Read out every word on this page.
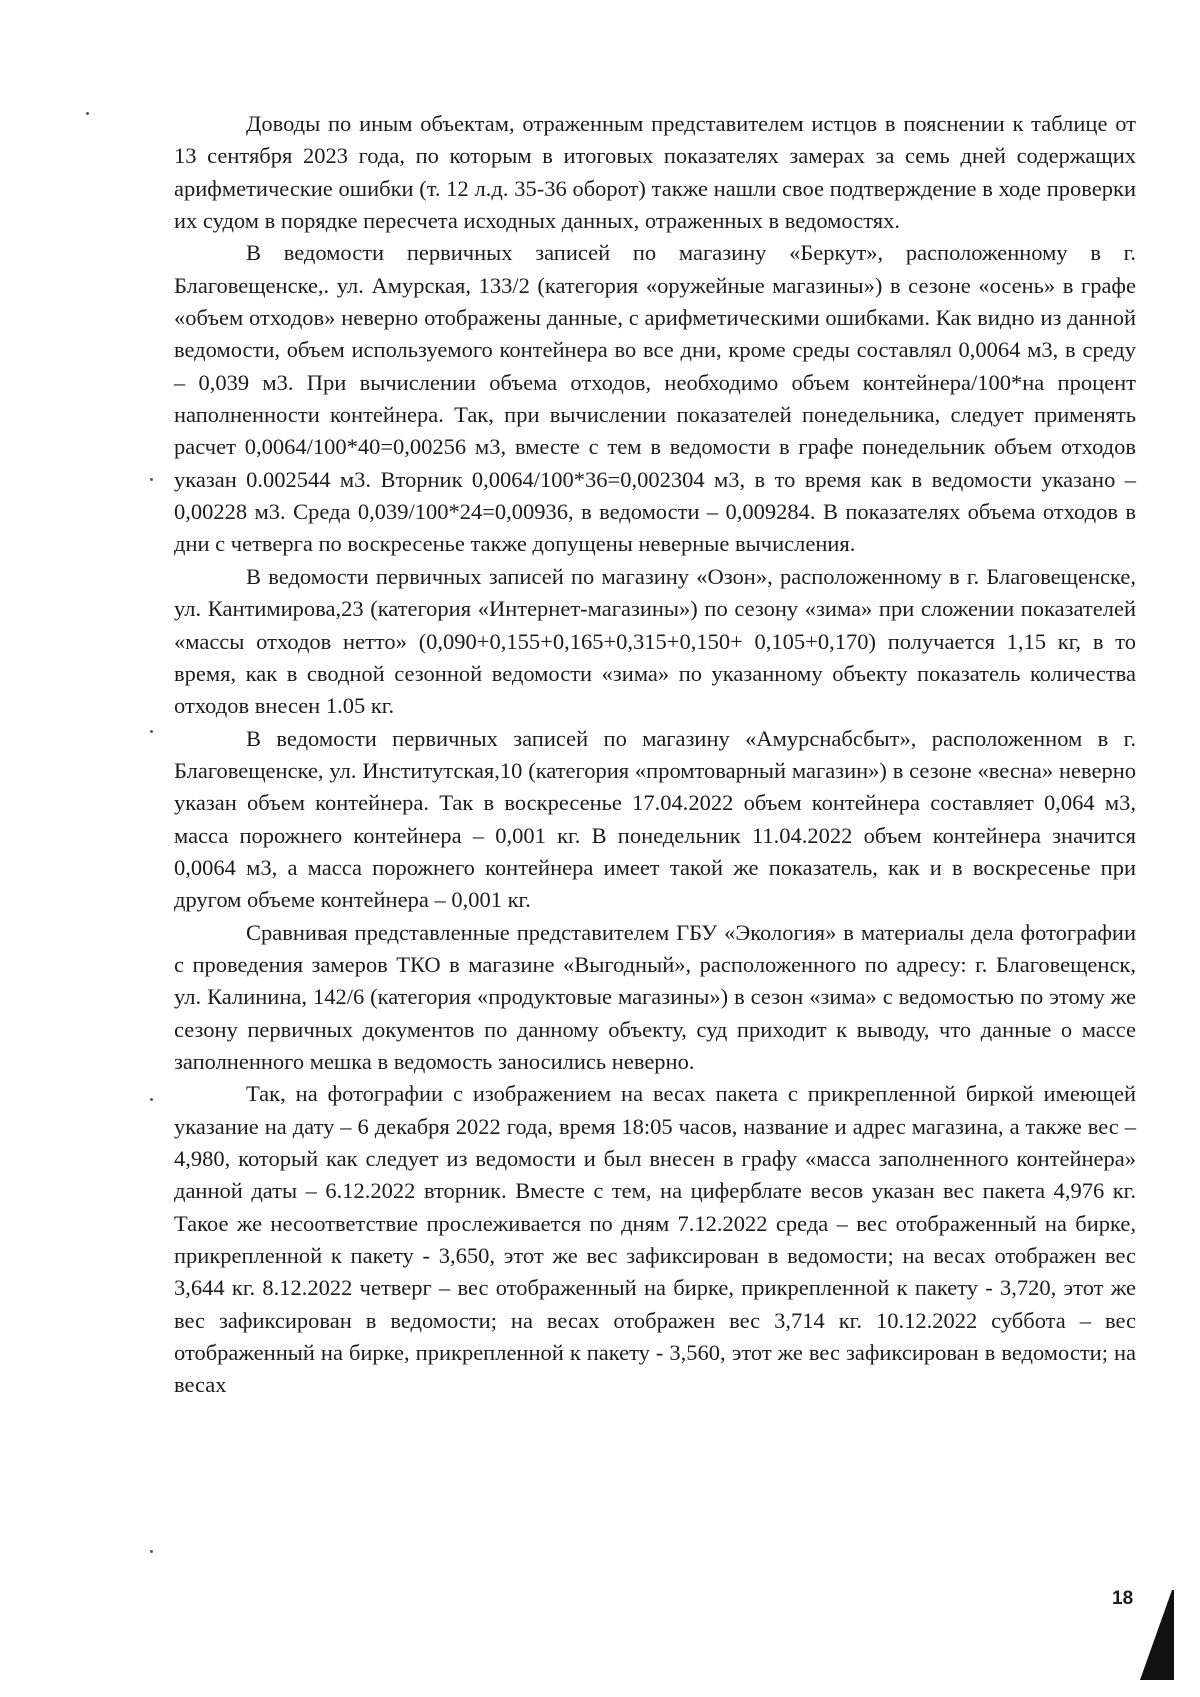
Доводы по иным объектам, отраженным представителем истцов в пояснении к таблице от 13 сентября 2023 года, по которым в итоговых показателях замерах за семь дней содержащих арифметические ошибки (т. 12 л.д. 35-36 оборот) также нашли свое подтверждение в ходе проверки их судом в порядке пересчета исходных данных, отраженных в ведомостях.

В ведомости первичных записей по магазину «Беркут», расположенному в г. Благовещенске,. ул. Амурская, 133/2 (категория «оружейные магазины») в сезоне «осень» в графе «объем отходов» неверно отображены данные, с арифметическими ошибками. Как видно из данной ведомости, объем используемого контейнера во все дни, кроме среды составлял 0,0064 м3, в среду – 0,039 м3. При вычислении объема отходов, необходимо объем контейнера/100*на процент наполненности контейнера. Так, при вычислении показателей понедельника, следует применять расчет 0,0064/100*40=0,00256 м3, вместе с тем в ведомости в графе понедельник объем отходов указан 0.002544 м3. Вторник 0,0064/100*36=0,002304 м3, в то время как в ведомости указано – 0,00228 м3. Среда 0,039/100*24=0,00936, в ведомости – 0,009284. В показателях объема отходов в дни с четверга по воскресенье также допущены неверные вычисления.

В ведомости первичных записей по магазину «Озон», расположенному в г. Благовещенске, ул. Кантимирова,23 (категория «Интернет-магазины») по сезону «зима» при сложении показателей «массы отходов нетто» (0,090+0,155+0,165+0,315+0,150+ 0,105+0,170) получается 1,15 кг, в то время, как в сводной сезонной ведомости «зима» по указанному объекту показатель количества отходов внесен 1.05 кг.

В ведомости первичных записей по магазину «Амурснабсбыт», расположенном в г. Благовещенске, ул. Институтская,10 (категория «промтоварный магазин») в сезоне «весна» неверно указан объем контейнера. Так в воскресенье 17.04.2022 объем контейнера составляет 0,064 м3, масса порожнего контейнера – 0,001 кг. В понедельник 11.04.2022 объем контейнера значится 0,0064 м3, а масса порожнего контейнера имеет такой же показатель, как и в воскресенье при другом объеме контейнера – 0,001 кг.

Сравнивая представленные представителем ГБУ «Экология» в материалы дела фотографии с проведения замеров ТКО в магазине «Выгодный», расположенного по адресу: г. Благовещенск, ул. Калинина, 142/6 (категория «продуктовые магазины») в сезон «зима» с ведомостью по этому же сезону первичных документов по данному объекту, суд приходит к выводу, что данные о массе заполненного мешка в ведомость заносились неверно.

Так, на фотографии с изображением на весах пакета с прикрепленной биркой имеющей указание на дату – 6 декабря 2022 года, время 18:05 часов, название и адрес магазина, а также вес – 4,980, который как следует из ведомости и был внесен в графу «масса заполненного контейнера» данной даты – 6.12.2022 вторник. Вместе с тем, на циферблате весов указан вес пакета 4,976 кг. Такое же несоответствие прослеживается по дням 7.12.2022 среда – вес отображенный на бирке, прикрепленной к пакету - 3,650, этот же вес зафиксирован в ведомости; на весах отображен вес 3,644 кг. 8.12.2022 четверг – вес отображенный на бирке, прикрепленной к пакету - 3,720, этот же вес зафиксирован в ведомости; на весах отображен вес 3,714 кг. 10.12.2022 суббота – вес отображенный на бирке, прикрепленной к пакету - 3,560, этот же вес зафиксирован в ведомости; на весах

18
